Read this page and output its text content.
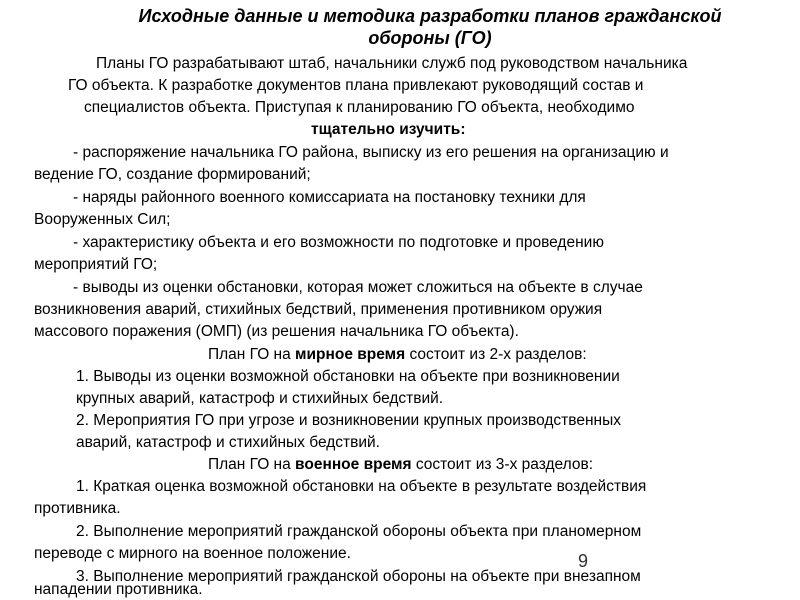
Исходные данные и методика разработки планов гражданской
обороны (ГО)
Планы ГО разрабатывают штаб, начальники служб под руководством начальника
ГО объекта. К разработке документов плана привлекают руководящий состав и
специалистов объекта. Приступая к планированию ГО объекта, необходимо
тщательно изучить:
- распоряжение начальника ГО района, выписку из его решения на организацию и
ведение ГО, создание формирований;
- наряды районного военного комиссариата на постановку техники для
Вооруженных Сил;
- характеристику объекта и его возможности по подготовке и проведению
мероприятий ГО;
- выводы из оценки обстановки, которая может сложиться на объекте в случае
возникновения аварий, стихийных бедствий, применения противником оружия
массового поражения (ОМП) (из решения начальника ГО объекта).
План ГО на мирное время состоит из 2-х разделов:
1. Выводы из оценки возможной обстановки на объекте при возникновении
крупных аварий, катастроф и стихийных бедствий.
2. Мероприятия ГО при угрозе и возникновении крупных производственных
аварий, катастроф и стихийных бедствий.
План ГО на военное время состоит из 3-х разделов:
1. Краткая оценка возможной обстановки на объекте в результате воздействия
противника.
2. Выполнение мероприятий гражданской обороны объекта при планомерном
переводе с мирного на военное положение.
3. Выполнение мероприятий гражданской обороны на объекте при внезапном
нападении противника.
9
